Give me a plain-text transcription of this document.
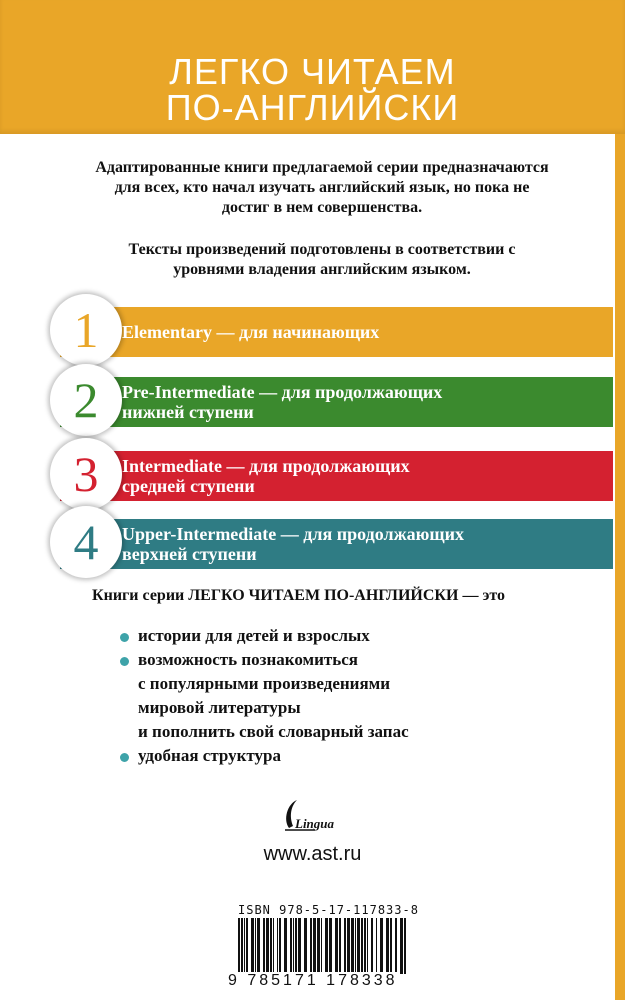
ЛЕГКО ЧИТАЕМ
ПО-АНГЛИЙСКИ

Адаптированные книги предлагаемой серии предназначаются для всех, кто начал изучать английский язык, но пока не достиг в нем совершенства.

Тексты произведений подготовлены в соответствии с уровнями владения английским языком.

1	Elementary — для начинающих
2	Pre-Intermediate — для продолжающих
нижней ступени
3	Intermediate — для продолжающих
средней ступени
4	Upper-Intermediate — для продолжающих
верхней ступени
Книги серии ЛЕГКО ЧИТАЕМ ПО-АНГЛИЙСКИ — это
истории для детей и взрослых
возможность познакомиться
с популярными произведениями
мировой литературы
и пополнить свой словарный запас
удобная структура
Lingua
www.ast.ru
ISBN 978-5-17-117833-8
9 785171 178338
